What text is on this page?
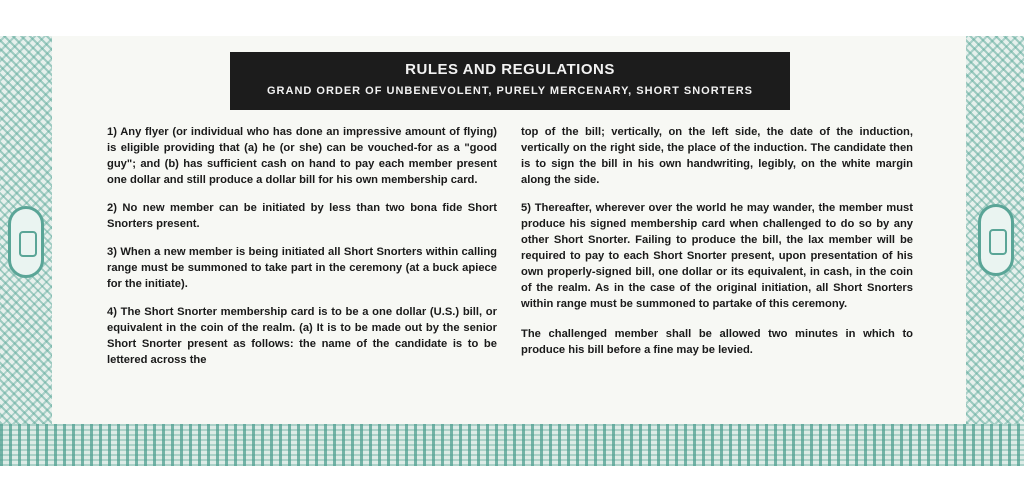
RULES AND REGULATIONS
GRAND ORDER OF UNBENEVOLENT, PURELY MERCENARY, SHORT SNORTERS

1) Any flyer (or individual who has done an impressive amount of flying) is eligible providing that (a) he (or she) can be vouched-for as a "good guy"; and (b) has sufficient cash on hand to pay each member present one dollar and still produce a dollar bill for his own membership card.

2) No new member can be initiated by less than two bona fide Short Snorters present.

3) When a new member is being initiated all Short Snorters within calling range must be summoned to take part in the ceremony (at a buck apiece for the initiate).

4) The Short Snorter membership card is to be a one dollar (U.S.) bill, or equivalent in the coin of the realm. (a) It is to be made out by the senior Short Snorter present as follows: the name of the candidate is to be lettered across the

top of the bill; vertically, on the left side, the date of the induction, vertically on the right side, the place of the induction. The candidate then is to sign the bill in his own handwriting, legibly, on the white margin along the side.

5) Thereafter, wherever over the world he may wander, the member must produce his signed membership card when challenged to do so by any other Short Snorter. Failing to produce the bill, the lax member will be required to pay to each Short Snorter present, upon presentation of his own properly-signed bill, one dollar or its equivalent, in cash, in the coin of the realm. As in the case of the original initiation, all Short Snorters within range must be summoned to partake of this ceremony.

The challenged member shall be allowed two minutes in which to produce his bill before a fine may be levied.
